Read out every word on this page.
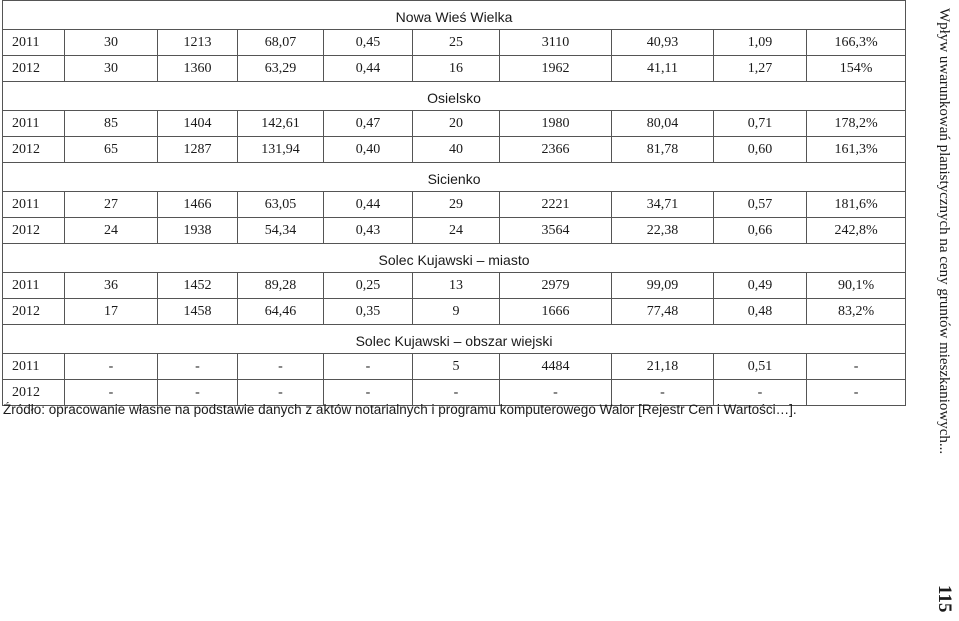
Nowa Wieś Wielka									
2011	30	1213	68,07	0,45	25	3110	40,93	1,09	166,3%
2012	30	1360	63,29	0,44	16	1962	41,11	1,27	154%
Osielsko									
2011	85	1404	142,61	0,47	20	1980	80,04	0,71	178,2%
2012	65	1287	131,94	0,40	40	2366	81,78	0,60	161,3%
Sicienko									
2011	27	1466	63,05	0,44	29	2221	34,71	0,57	181,6%
2012	24	1938	54,34	0,43	24	3564	22,38	0,66	242,8%
Solec Kujawski – miasto									
2011	36	1452	89,28	0,25	13	2979	99,09	0,49	90,1%
2012	17	1458	64,46	0,35	9	1666	77,48	0,48	83,2%
Solec Kujawski – obszar wiejski									
2011	-	-	-	-	5	4484	21,18	0,51	-
2012	-	-	-	-	-	-	-	-	-
Źródło: opracowanie własne na podstawie danych z aktów notarialnych i programu komputerowego Walor [Rejestr Cen i Wartości…].	Wpływ uwarunkowań planistycznych na ceny gruntów mieszkaniowych...
115
